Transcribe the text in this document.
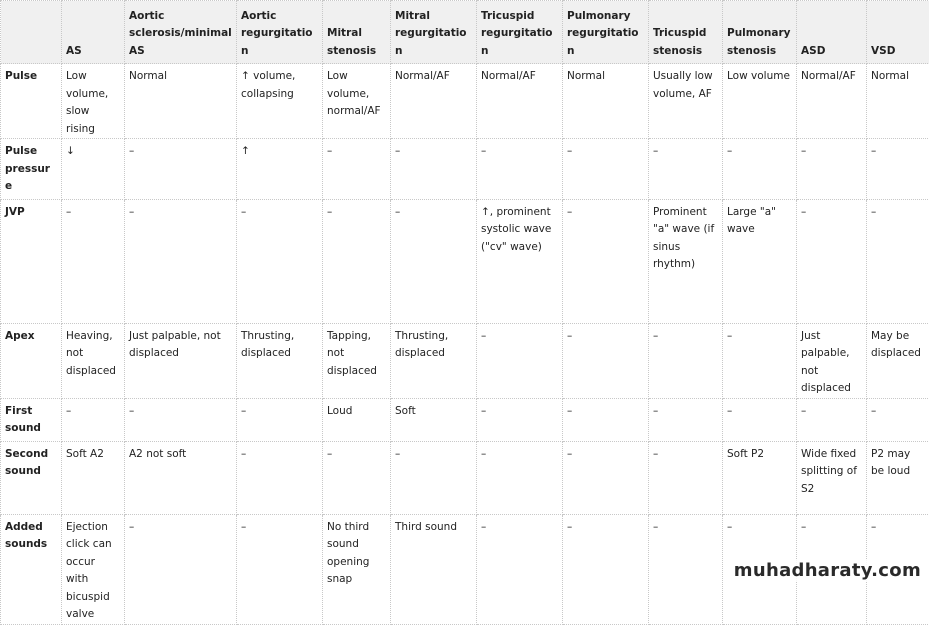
	AS	Aortic sclerosis/minimal AS	Aortic regurgitation	Mitral stenosis	Mitral regurgitation	Tricuspid regurgitation	Pulmonary regurgitation	Tricuspid stenosis	Pulmonary stenosis	ASD	VSD
Pulse	Low volume, slow rising	Normal	↑ volume, collapsing	Low volume, normal/AF	Normal/AF	Normal/AF	Normal	Usually low volume, AF	Low volume	Normal/AF	Normal
Pulse pressure	↓	–	↑	–	–	–	–	–	–	–	–
JVP	–	–	–	–	–	↑, prominent systolic wave ("cv" wave)	–	Prominent "a" wave (if sinus rhythm)	Large "a" wave	–	–
Apex	Heaving, not displaced	Just palpable, not displaced	Thrusting, displaced	Tapping, not displaced	Thrusting, displaced	–	–	–	–	Just palpable, not displaced	May be displaced
First sound	–	–	–	Loud	Soft	–	–	–	–	–	–
Second sound	Soft A2	A2 not soft	–	–	–	–	–	–	Soft P2	Wide fixed splitting of S2	P2 may be loud
Added sounds	Ejection click can occur with bicuspid valve	–	–	No third sound opening snap	Third sound	–	–	–	–	–	–
muhadharaty.com
